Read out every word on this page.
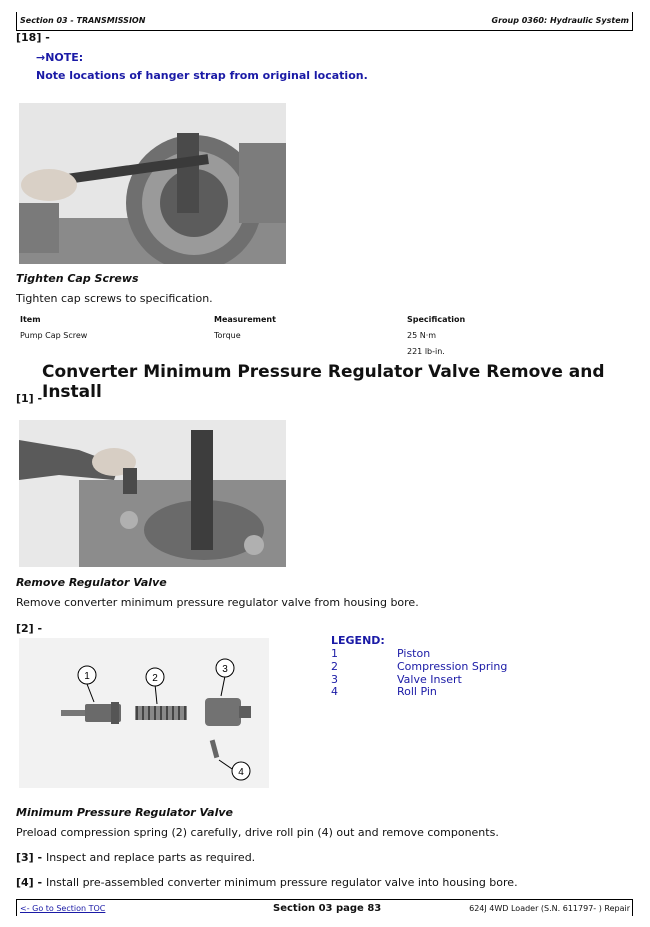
Section 03 - TRANSMISSION	Group 0360: Hydraulic System
[18] -
→NOTE:
Note locations of hanger strap from original location.
Tighten Cap Screws
Tighten cap screws to specification.
Item	Measurement	Specification
Pump Cap Screw	Torque	25 N·m
221 lb-in.
Converter Minimum Pressure Regulator Valve Remove and Install
[1] -
Remove Regulator Valve
Remove converter minimum pressure regulator valve from housing bore.
[2] -
1	2
3
4
LEGEND:
1	Piston
2	Compression Spring
3	Valve Insert
4	Roll Pin
Minimum Pressure Regulator Valve
Preload compression spring (2) carefully, drive roll pin (4) out and remove components.
[3] - Inspect and replace parts as required.
[4] - Install pre-assembled converter minimum pressure regulator valve into housing bore.
<- Go to Section TOC	Section 03 page 83	624J 4WD Loader (S.N. 611797- ) Repair
